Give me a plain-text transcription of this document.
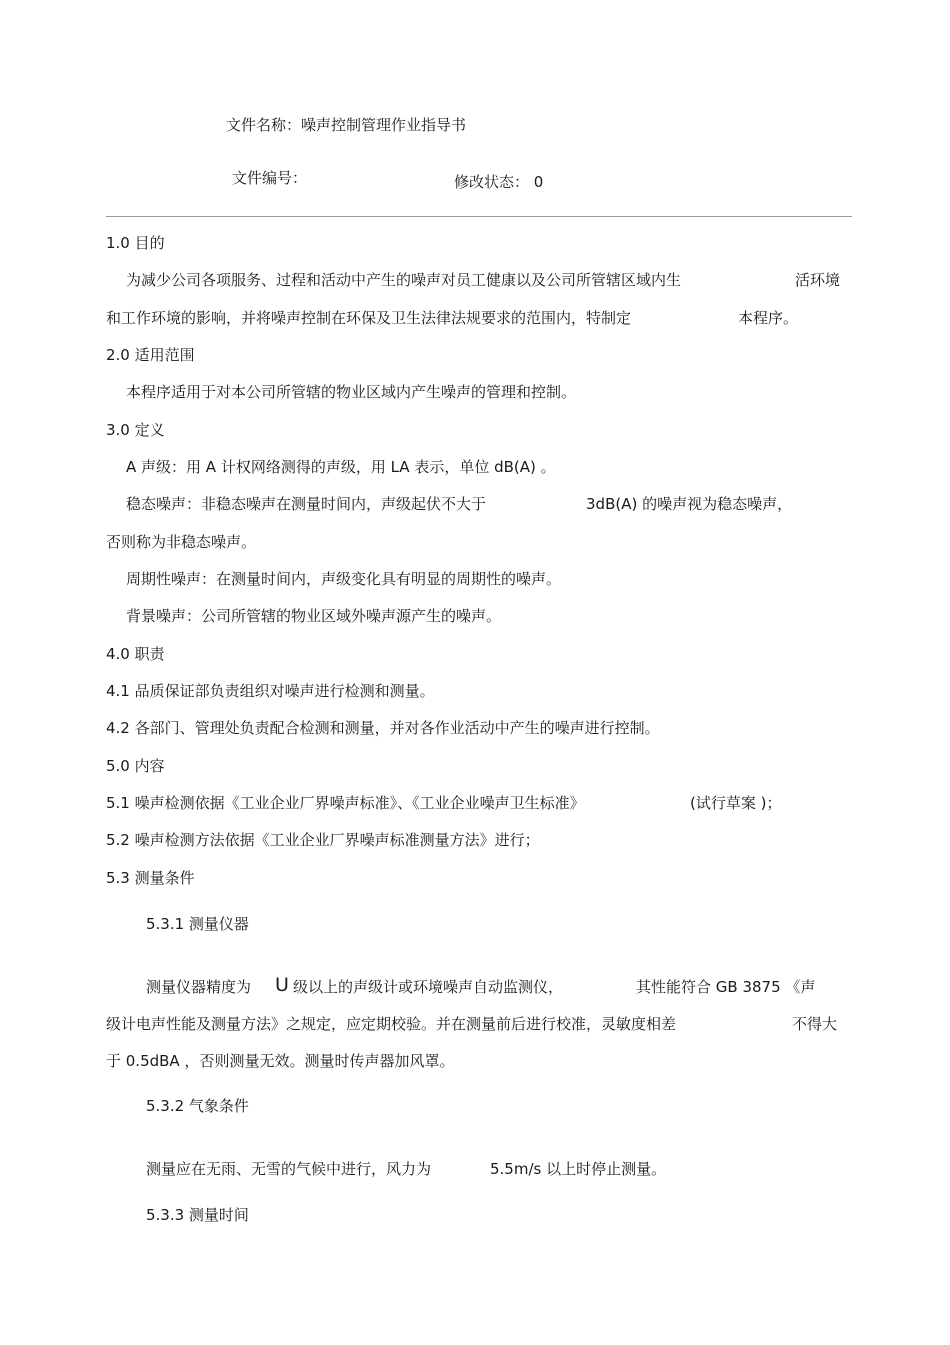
文件名称：噪声控制管理作业指导书
文件编号：	修改状态： 0
1.0 目的
为减少公司各项服务、过程和活动中产生的噪声对员工健康以及公司所管辖区域内生	活环境
和工作环境的影响，并将噪声控制在环保及卫生法律法规要求的范围内，特制定	本程序。
2.0 适用范围
本程序适用于对本公司所管辖的物业区域内产生噪声的管理和控制。
3.0 定义
A 声级：用 A 计权网络测得的声级，用 LA 表示，单位 dB(A) 。
稳态噪声：非稳态噪声在测量时间内，声级起伏不大于	3dB(A) 的噪声视为稳态噪声，
否则称为非稳态噪声。
周期性噪声：在测量时间内，声级变化具有明显的周期性的噪声。
背景噪声：公司所管辖的物业区域外噪声源产生的噪声。
4.0 职责
4.1 品质保证部负责组织对噪声进行检测和测量。
4.2 各部门、管理处负责配合检测和测量，并对各作业活动中产生的噪声进行控制。
5.0 内容
5.1 噪声检测依据《工业企业厂界噪声标准》、《工业企业噪声卫生标准》	(试行草案 )；
5.2 噪声检测方法依据《工业企业厂界噪声标准测量方法》进行；
5.3 测量条件
5.3.1 测量仪器
测量仪器精度为 U 级以上的声级计或环境噪声自动监测仪，	其性能符合 GB 3875 《声
级计电声性能及测量方法》之规定，应定期校验。并在测量前后进行校准，灵敏度相差	不得大
于 0.5dBA ，否则测量无效。测量时传声器加风罩。
5.3.2 气象条件
测量应在无雨、无雪的气候中进行，风力为	5.5m/s 以上时停止测量。
5.3.3 测量时间
